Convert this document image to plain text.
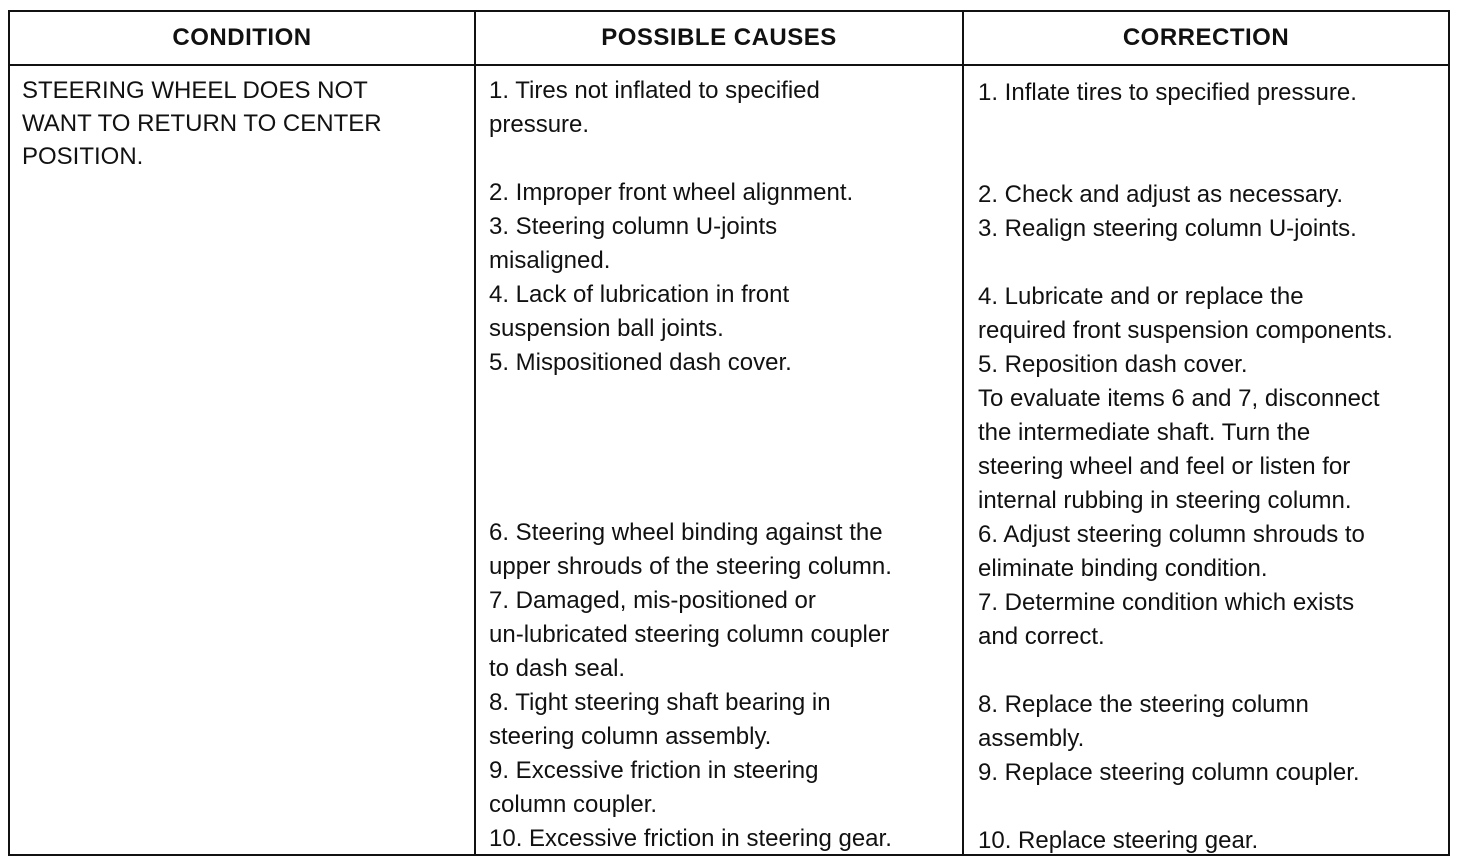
CONDITION	POSSIBLE CAUSES	CORRECTION
STEERING WHEEL DOES NOT
WANT TO RETURN TO CENTER
POSITION.
1. Tires not inflated to specified
pressure.
2. Improper front wheel alignment.
3. Steering column U-joints
misaligned.
4. Lack of lubrication in front
suspension ball joints.
5. Mispositioned dash cover.
6. Steering wheel binding against the
upper shrouds of the steering column.
7. Damaged, mis-positioned or
un-lubricated steering column coupler
to dash seal.
8. Tight steering shaft bearing in
steering column assembly.
9. Excessive friction in steering
column coupler.
10. Excessive friction in steering gear.
1. Inflate tires to specified pressure.
2. Check and adjust as necessary.
3. Realign steering column U-joints.
4. Lubricate and or replace the
required front suspension components.
5. Reposition dash cover.
To evaluate items 6 and 7, disconnect
the intermediate shaft. Turn the
steering wheel and feel or listen for
internal rubbing in steering column.
6. Adjust steering column shrouds to
eliminate binding condition.
7. Determine condition which exists
and correct.
8. Replace the steering column
assembly.
9. Replace steering column coupler.
10. Replace steering gear.
